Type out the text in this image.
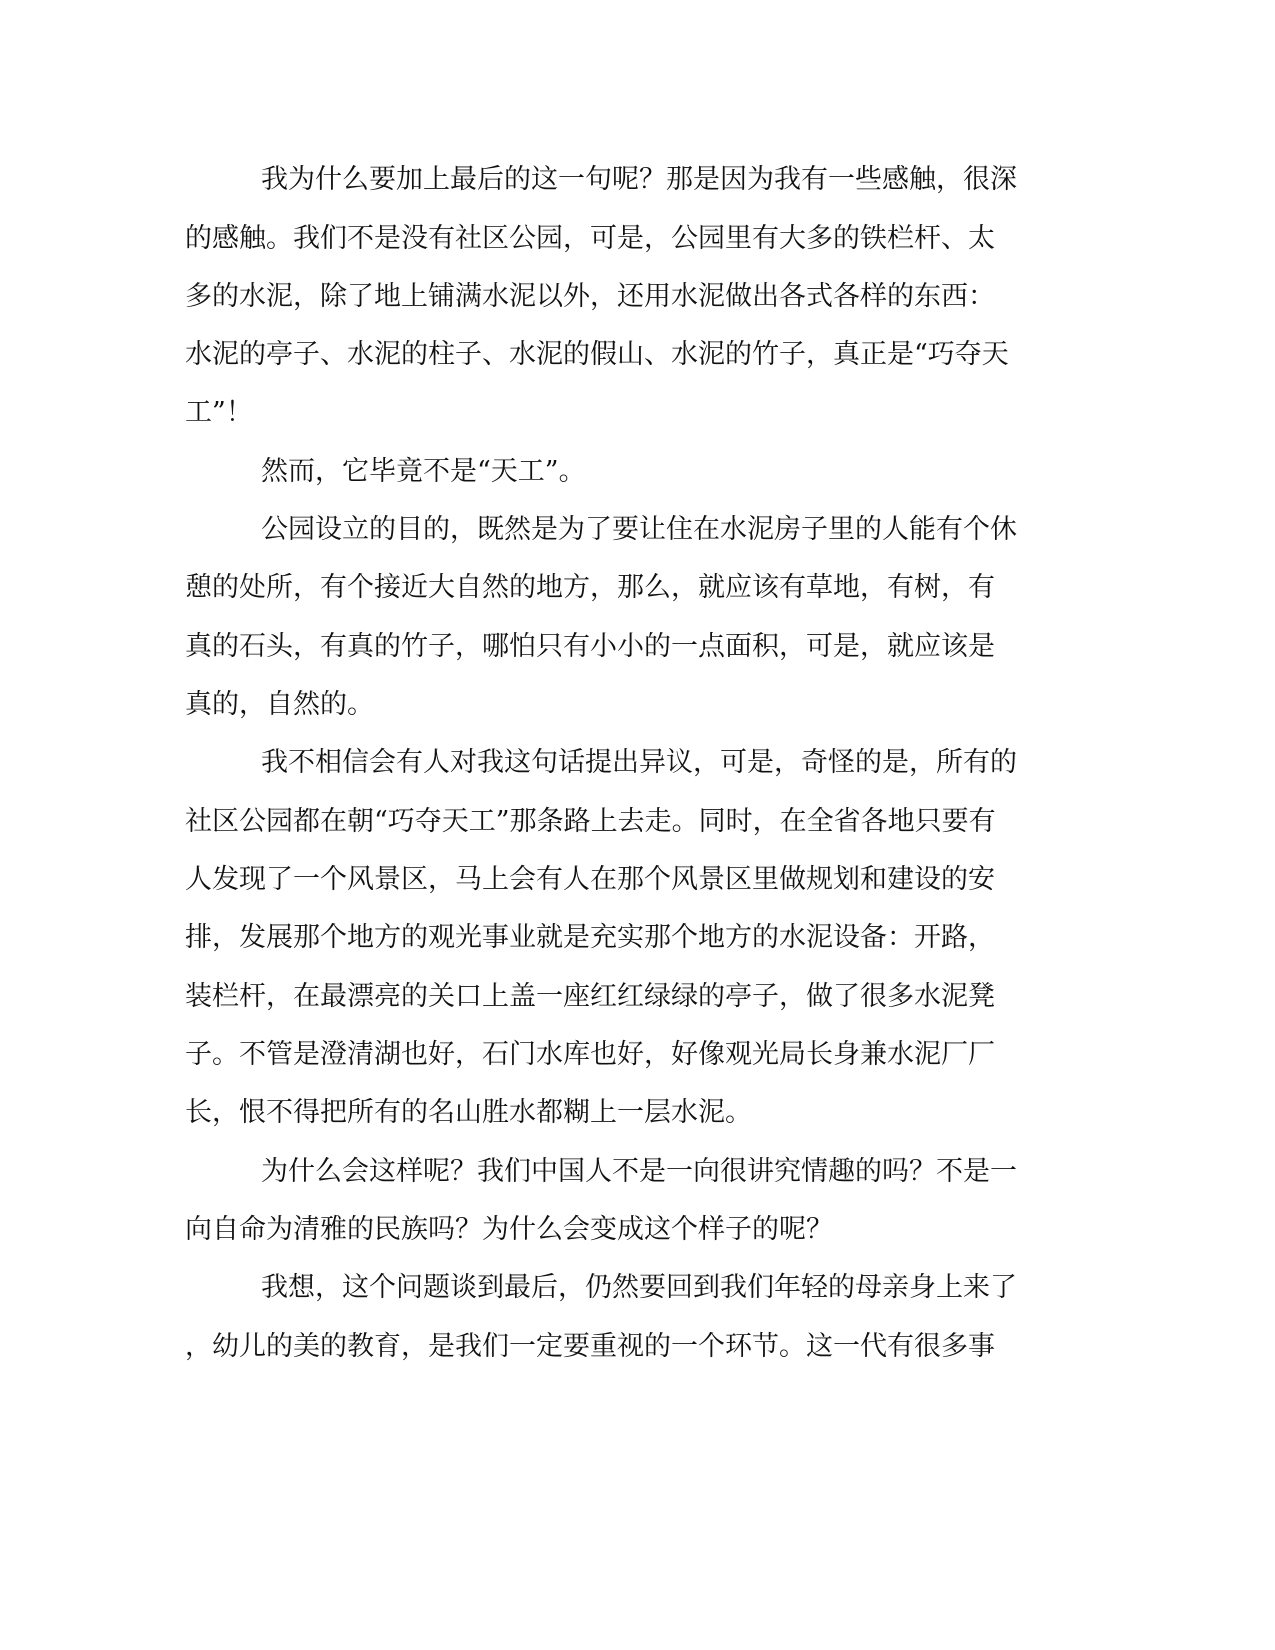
我为什么要加上最后的这一句呢？那是因为我有一些感触，很深
的感触。我们不是没有社区公园，可是，公园里有大多的铁栏杆、太
多的水泥，除了地上铺满水泥以外，还用水泥做出各式各样的东西：
水泥的亭子、水泥的柱子、水泥的假山、水泥的竹子，真正是“巧夺天
工”！
然而，它毕竟不是“天工”。
公园设立的目的，既然是为了要让住在水泥房子里的人能有个休
憩的处所，有个接近大自然的地方，那么，就应该有草地，有树，有
真的石头，有真的竹子，哪怕只有小小的一点面积，可是，就应该是
真的，自然的。
我不相信会有人对我这句话提出异议，可是，奇怪的是，所有的
社区公园都在朝“巧夺天工”那条路上去走。同时，在全省各地只要有
人发现了一个风景区，马上会有人在那个风景区里做规划和建设的安
排，发展那个地方的观光事业就是充实那个地方的水泥设备：开路，
装栏杆，在最漂亮的关口上盖一座红红绿绿的亭子，做了很多水泥凳
子。不管是澄清湖也好，石门水库也好，好像观光局长身兼水泥厂厂
长，恨不得把所有的名山胜水都糊上一层水泥。
为什么会这样呢？我们中国人不是一向很讲究情趣的吗？不是一
向自命为清雅的民族吗？为什么会变成这个样子的呢？
我想，这个问题谈到最后，仍然要回到我们年轻的母亲身上来了
，幼儿的美的教育，是我们一定要重视的一个环节。这一代有很多事
